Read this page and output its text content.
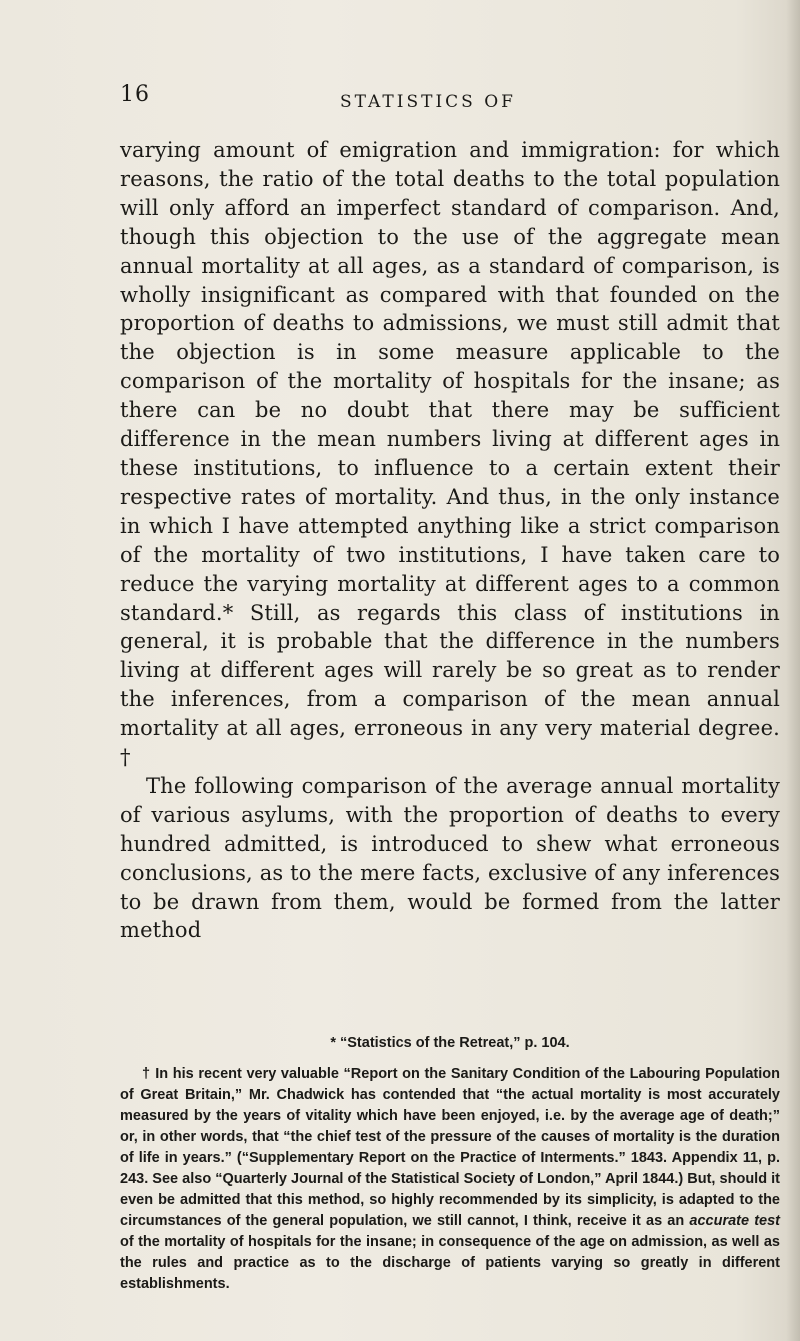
16	STATISTICS OF

varying amount of emigration and immigration: for which reasons, the ratio of the total deaths to the total population will only afford an imperfect standard of comparison. And, though this objection to the use of the aggregate mean annual mortality at all ages, as a standard of comparison, is wholly insignificant as compared with that founded on the proportion of deaths to admissions, we must still admit that the objection is in some measure applicable to the comparison of the mortality of hospitals for the insane; as there can be no doubt that there may be sufficient difference in the mean numbers living at different ages in these institutions, to influence to a certain extent their respective rates of mortality. And thus, in the only instance in which I have attempted anything like a strict comparison of the mortality of two institutions, I have taken care to reduce the varying mortality at different ages to a common standard.* Still, as regards this class of institutions in general, it is probable that the difference in the numbers living at different ages will rarely be so great as to render the inferences, from a comparison of the mean annual mortality at all ages, erroneous in any very material degree. †

The following comparison of the average annual mortality of various asylums, with the proportion of deaths to every hundred admitted, is introduced to shew what erroneous conclusions, as to the mere facts, exclusive of any inferences to be drawn from them, would be formed from the latter method

* “Statistics of the Retreat,” p. 104.

† In his recent very valuable “Report on the Sanitary Condition of the Labouring Population of Great Britain,” Mr. Chadwick has contended that “the actual mortality is most accurately measured by the years of vitality which have been enjoyed, i.e. by the average age of death;” or, in other words, that “the chief test of the pressure of the causes of mortality is the duration of life in years.” (“Supplementary Report on the Practice of Interments.” 1843. Appendix 11, p. 243. See also “Quarterly Journal of the Statistical Society of London,” April 1844.) But, should it even be admitted that this method, so highly recommended by its simplicity, is adapted to the circumstances of the general population, we still cannot, I think, receive it as an accurate test of the mortality of hospitals for the insane; in consequence of the age on admission, as well as the rules and practice as to the discharge of patients varying so greatly in different establishments.
